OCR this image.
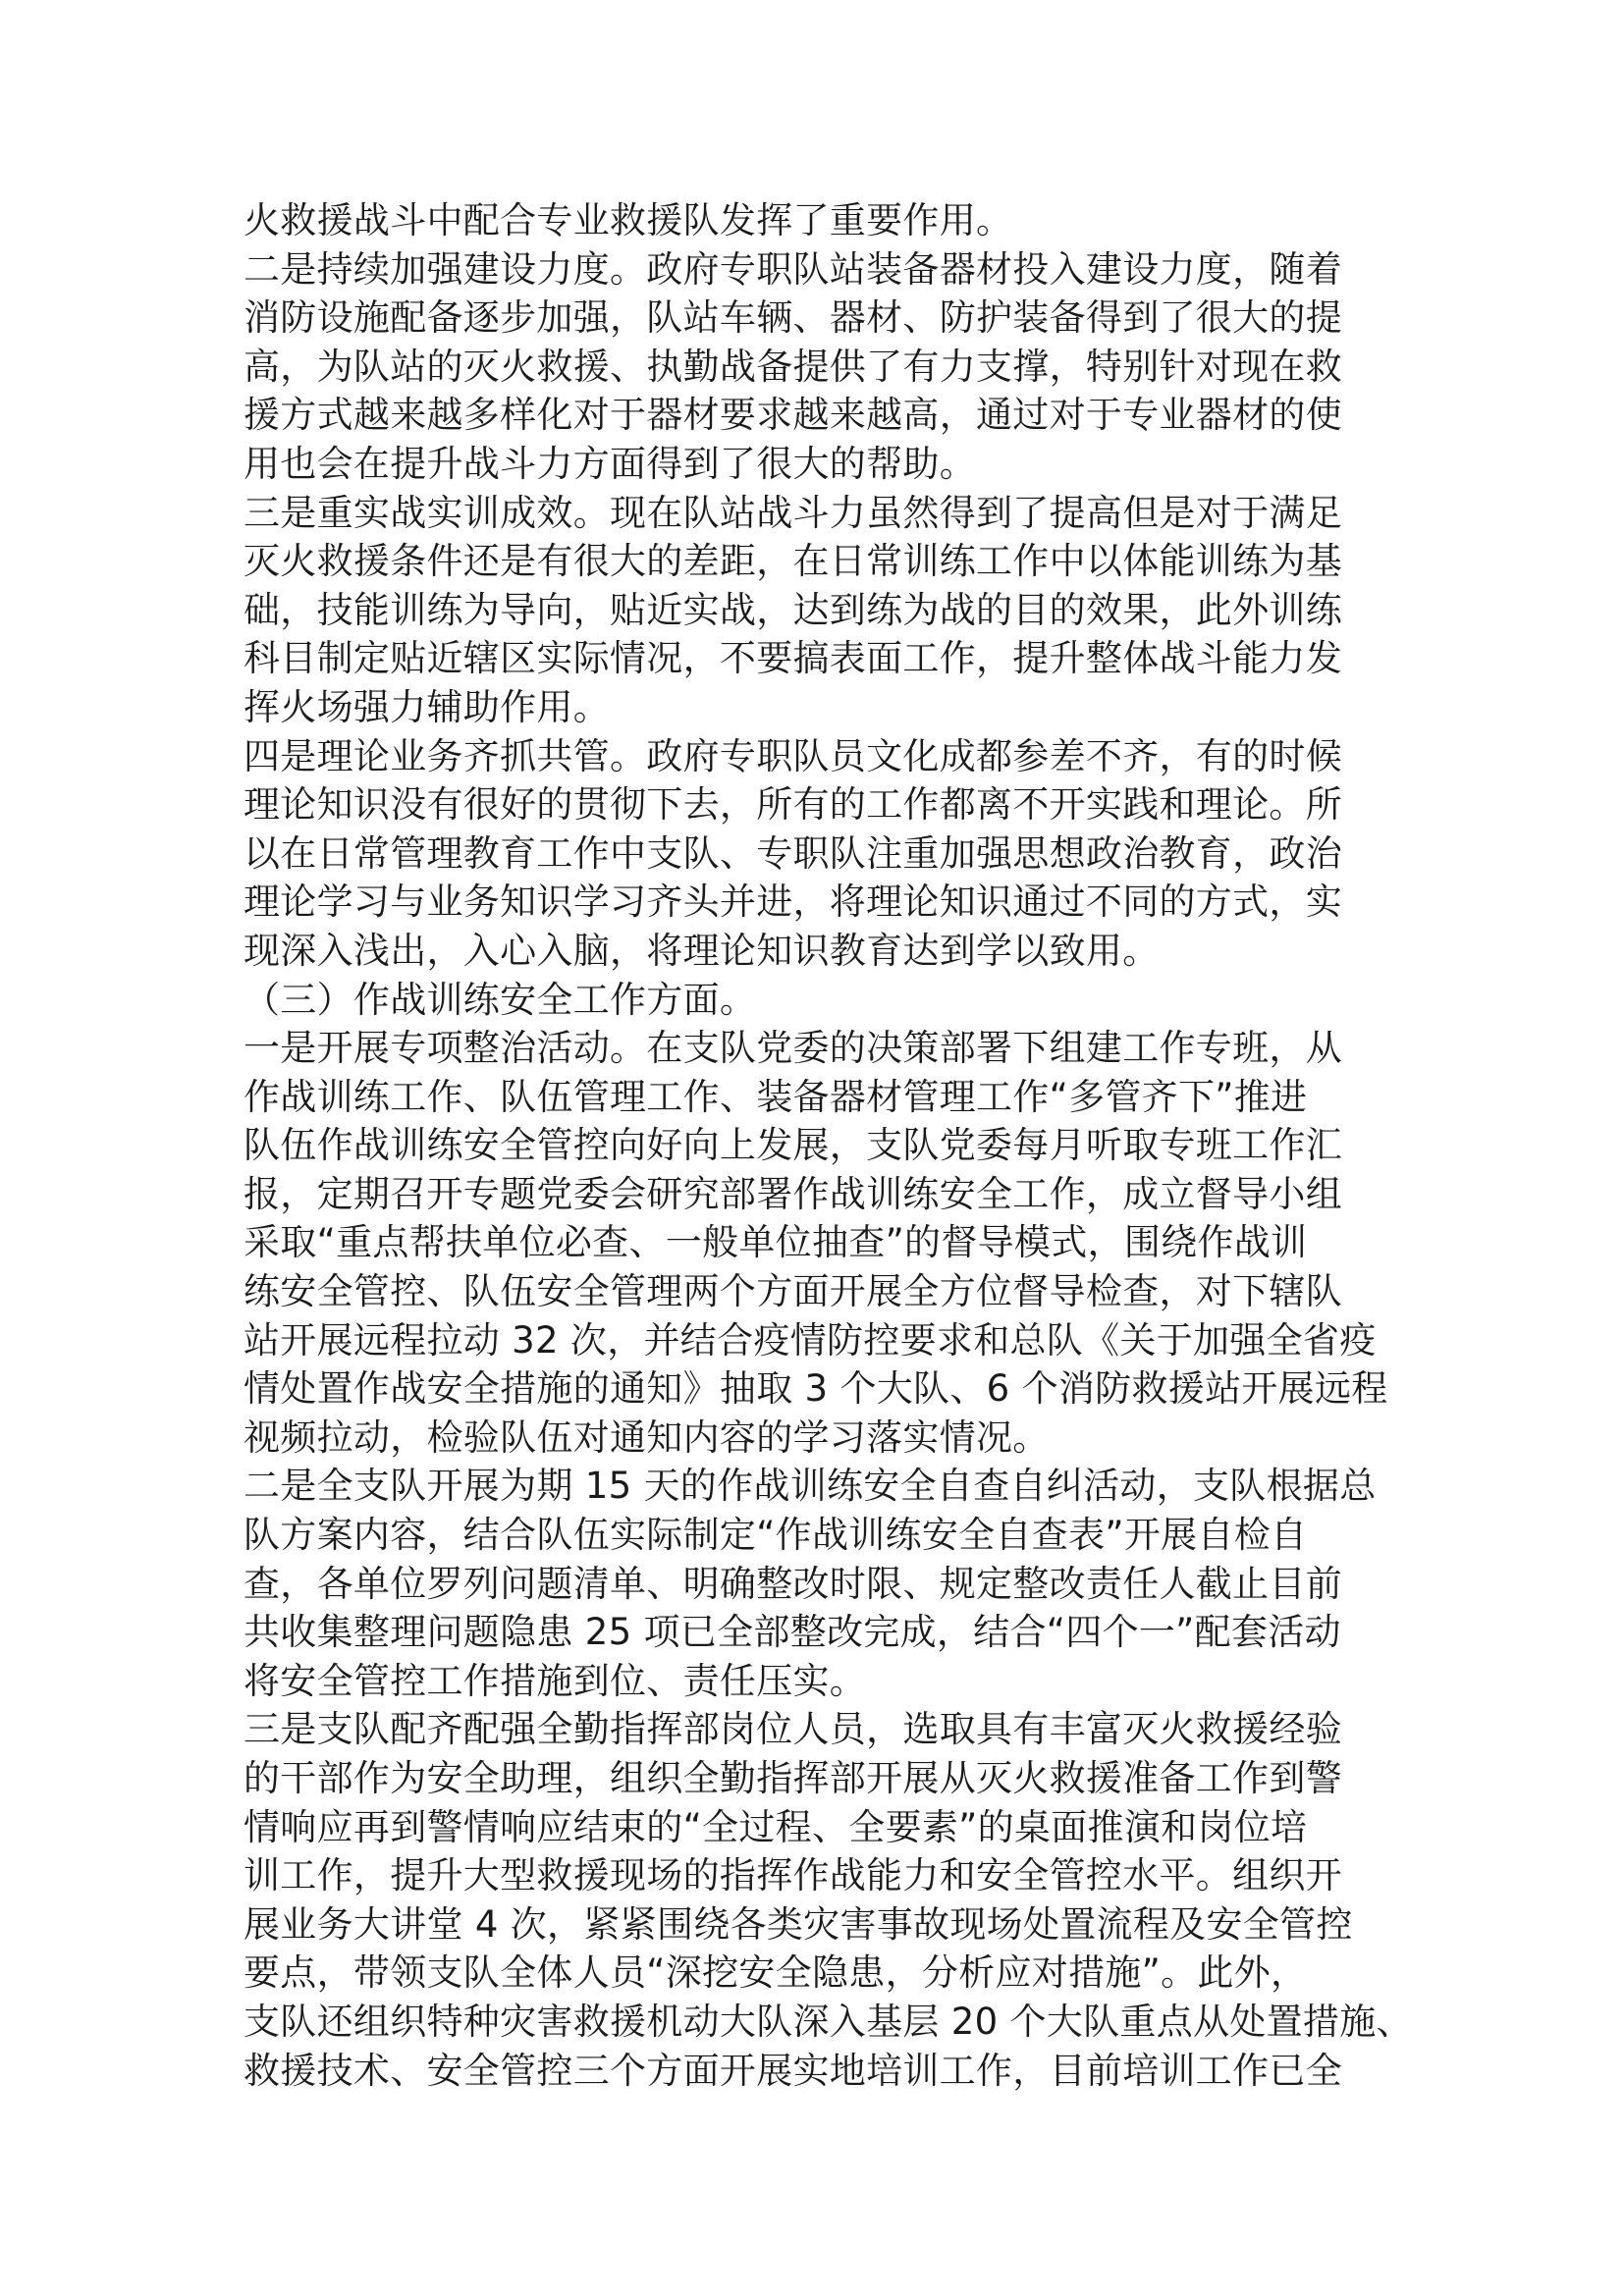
火救援战斗中配合专业救援队发挥了重要作用。
二是持续加强建设力度。政府专职队站装备器材投入建设力度，随着
消防设施配备逐步加强，队站车辆、器材、防护装备得到了很大的提
高，为队站的灭火救援、执勤战备提供了有力支撑，特别针对现在救
援方式越来越多样化对于器材要求越来越高，通过对于专业器材的使
用也会在提升战斗力方面得到了很大的帮助。
三是重实战实训成效。现在队站战斗力虽然得到了提高但是对于满足
灭火救援条件还是有很大的差距，在日常训练工作中以体能训练为基
础，技能训练为导向，贴近实战，达到练为战的目的效果，此外训练
科目制定贴近辖区实际情况，不要搞表面工作，提升整体战斗能力发
挥火场强力辅助作用。
四是理论业务齐抓共管。政府专职队员文化成都参差不齐，有的时候
理论知识没有很好的贯彻下去，所有的工作都离不开实践和理论。所
以在日常管理教育工作中支队、专职队注重加强思想政治教育，政治
理论学习与业务知识学习齐头并进，将理论知识通过不同的方式，实
现深入浅出，入心入脑，将理论知识教育达到学以致用。
（三）作战训练安全工作方面。
一是开展专项整治活动。在支队党委的决策部署下组建工作专班，从
作战训练工作、队伍管理工作、装备器材管理工作“多管齐下”推进
队伍作战训练安全管控向好向上发展，支队党委每月听取专班工作汇
报，定期召开专题党委会研究部署作战训练安全工作，成立督导小组
采取“重点帮扶单位必查、一般单位抽查”的督导模式，围绕作战训
练安全管控、队伍安全管理两个方面开展全方位督导检查，对下辖队
站开展远程拉动 32 次，并结合疫情防控要求和总队《关于加强全省疫
情处置作战安全措施的通知》抽取 3 个大队、6 个消防救援站开展远程
视频拉动，检验队伍对通知内容的学习落实情况。
二是全支队开展为期 15 天的作战训练安全自查自纠活动，支队根据总
队方案内容，结合队伍实际制定“作战训练安全自查表”开展自检自
查，各单位罗列问题清单、明确整改时限、规定整改责任人截止目前
共收集整理问题隐患 25 项已全部整改完成，结合“四个一”配套活动
将安全管控工作措施到位、责任压实。
三是支队配齐配强全勤指挥部岗位人员，选取具有丰富灭火救援经验
的干部作为安全助理，组织全勤指挥部开展从灭火救援准备工作到警
情响应再到警情响应结束的“全过程、全要素”的桌面推演和岗位培
训工作，提升大型救援现场的指挥作战能力和安全管控水平。组织开
展业务大讲堂 4 次，紧紧围绕各类灾害事故现场处置流程及安全管控
要点，带领支队全体人员“深挖安全隐患，分析应对措施”。此外，
支队还组织特种灾害救援机动大队深入基层 20 个大队重点从处置措施、
救援技术、安全管控三个方面开展实地培训工作，目前培训工作已全
